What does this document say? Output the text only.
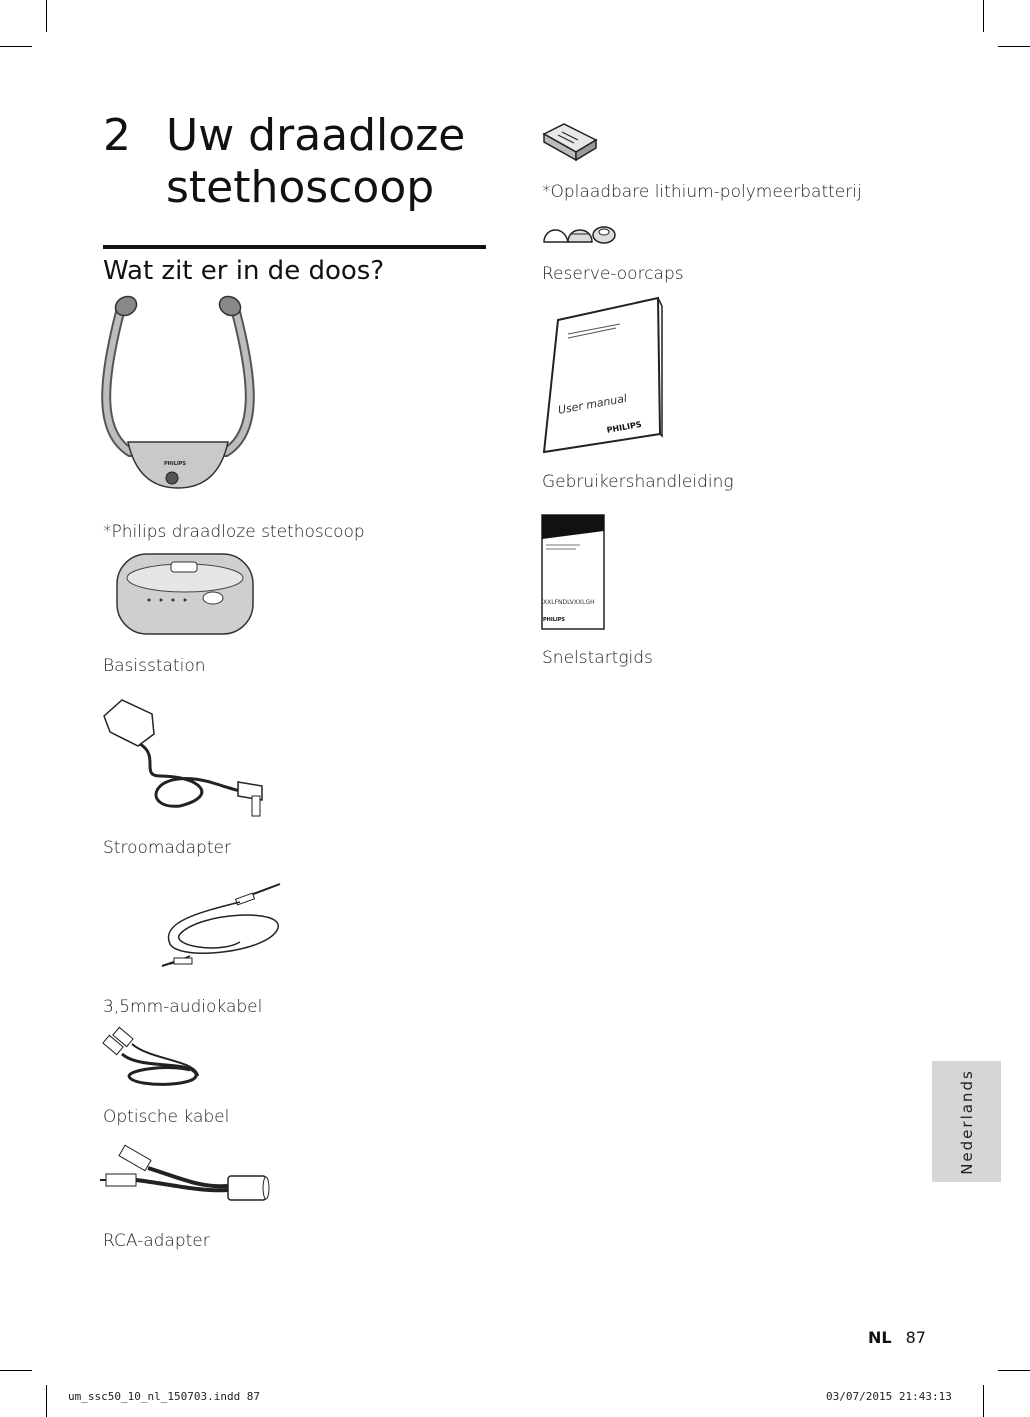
2 Uw draadloze
stethoscoop
Wat zit er in de doos?
PHILIPS
*Philips draadloze stethoscoop
Basisstation
Stroomadapter
3,5mm-audiokabel
Optische kabel
RCA-adapter
User manual
PHILIPS
XXLFNDLVXXLGH
PHILIPS
*Oplaadbare lithium-polymeerbatterij
Reserve-oorcaps
Gebruikershandleiding
Snelstartgids
Nederlands
NL 87
um_ssc50_10_nl_150703.indd 87	03/07/2015 21:43:13
